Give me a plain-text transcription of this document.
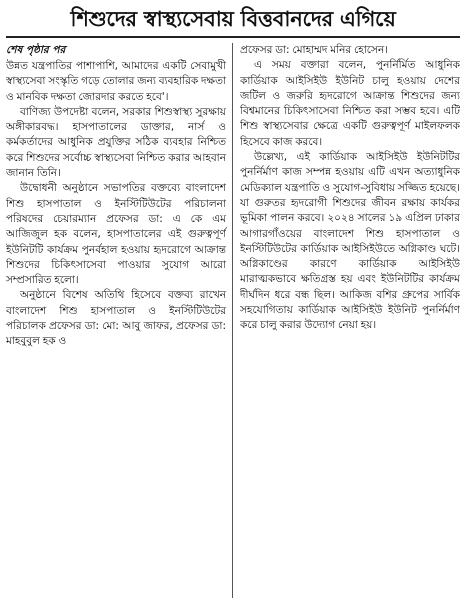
শিশুদের স্বাস্থ্যসেবায় বিত্তবানদের এগিয়ে

শেষ পৃষ্ঠার পর

উন্নত যন্ত্রপাতির পাশাপাশি, আমাদের একটি সেবামুখী স্বাস্থ্যসেবা সংস্কৃতি গড়ে তোলার জন্য ব্যবহারিক দক্ষতা ও মানবিক দক্ষতা জোরদার করতে হবে'।

বাণিজ্য উপদেষ্টা বলেন, সরকার শিশুস্বাস্থ্য সুরক্ষায় অঙ্গীকারবদ্ধ। হাসপাতালের ডাক্তার, নার্স ও কর্মকর্তাদের আধুনিক প্রযুক্তির সঠিক ব্যবহার নিশ্চিত করে শিশুদের সর্বোচ্চ স্বাস্থ্যসেবা নিশ্চিত করার আহবান জানান তিনি।

উদ্বোধনী অনুষ্ঠানে সভাপতির বক্তব্যে বাংলাদেশ শিশু হাসপাতাল ও ইনস্টিটিউটের পরিচালনা পরিষদের চেয়ারম্যান প্রফেসর ডা: এ কে এম আজিজুল হক বলেন, হাসপাতালের এই গুরুত্বপূর্ণ ইউনিটটি কার্যক্রম পুনর্বহাল হওয়ায় হৃদরোগে আক্রান্ত শিশুদের চিকিৎসাসেবা পাওয়ার সুযোগ আরো সম্প্রসারিত হলো।

অনুষ্ঠানে বিশেষ অতিথি হিসেবে বক্তব্য রাখেন বাংলাদেশ শিশু হাসপাতাল ও ইনস্টিটিউটের পরিচালক প্রফেসর ডা: মো: আবু জাফর, প্রফেসর ডা: মাহবুবুল হক ও

প্রফেসর ডা: মোহাম্মদ মনির হোসেন।

এ সময় বক্তারা বলেন, পুনর্নির্মিত আধুনিক কার্ডিয়াক আইসিইউ ইউনিট চালু হওয়ায় দেশের জটিল ও জরুরি হৃদরোগে আক্রান্ত শিশুদের জন্য বিশ্বমানের চিকিৎসাসেবা নিশ্চিত করা সম্ভব হবে। এটি শিশু স্বাস্থ্যসেবার ক্ষেত্রে একটি গুরুত্বপূর্ণ মাইলফলক হিসেবে কাজ করবে।

উল্লেখ্য, এই কার্ডিয়াক আইসিইউ ইউনিটটির পুনর্নির্মাণ কাজ সম্পন্ন হওয়ায় এটি এখন অত্যাধুনিক মেডিক্যাল যন্ত্রপাতি ও সুযোগ-সুবিধায় সজ্জিত হয়েছে। যা গুরুতর হৃদরোগী শিশুদের জীবন রক্ষায় কার্যকর ভূমিকা পালন করবে। ২০২৪ সালের ১৯ এপ্রিল ঢাকার আগারগাঁওয়ের বাংলাদেশ শিশু হাসপাতাল ও ইনস্টিটিউটের কার্ডিয়াক আইসিইউতে অগ্নিকাণ্ড ঘটে। অগ্নিকাণ্ডের কারণে কার্ডিয়াক আইসিইউ মারাত্মকভাবে ক্ষতিগ্রস্ত হয় এবং ইউনিটটির কার্যক্রম দীর্ঘদিন ধরে বন্ধ ছিল। আকিজ বশির গ্রুপের সার্বিক সহযোগিতায় কার্ডিয়াক আইসিইউ ইউনিট পুনর্নির্মাণ করে চালু করার উদ্যোগ নেয়া হয়।
